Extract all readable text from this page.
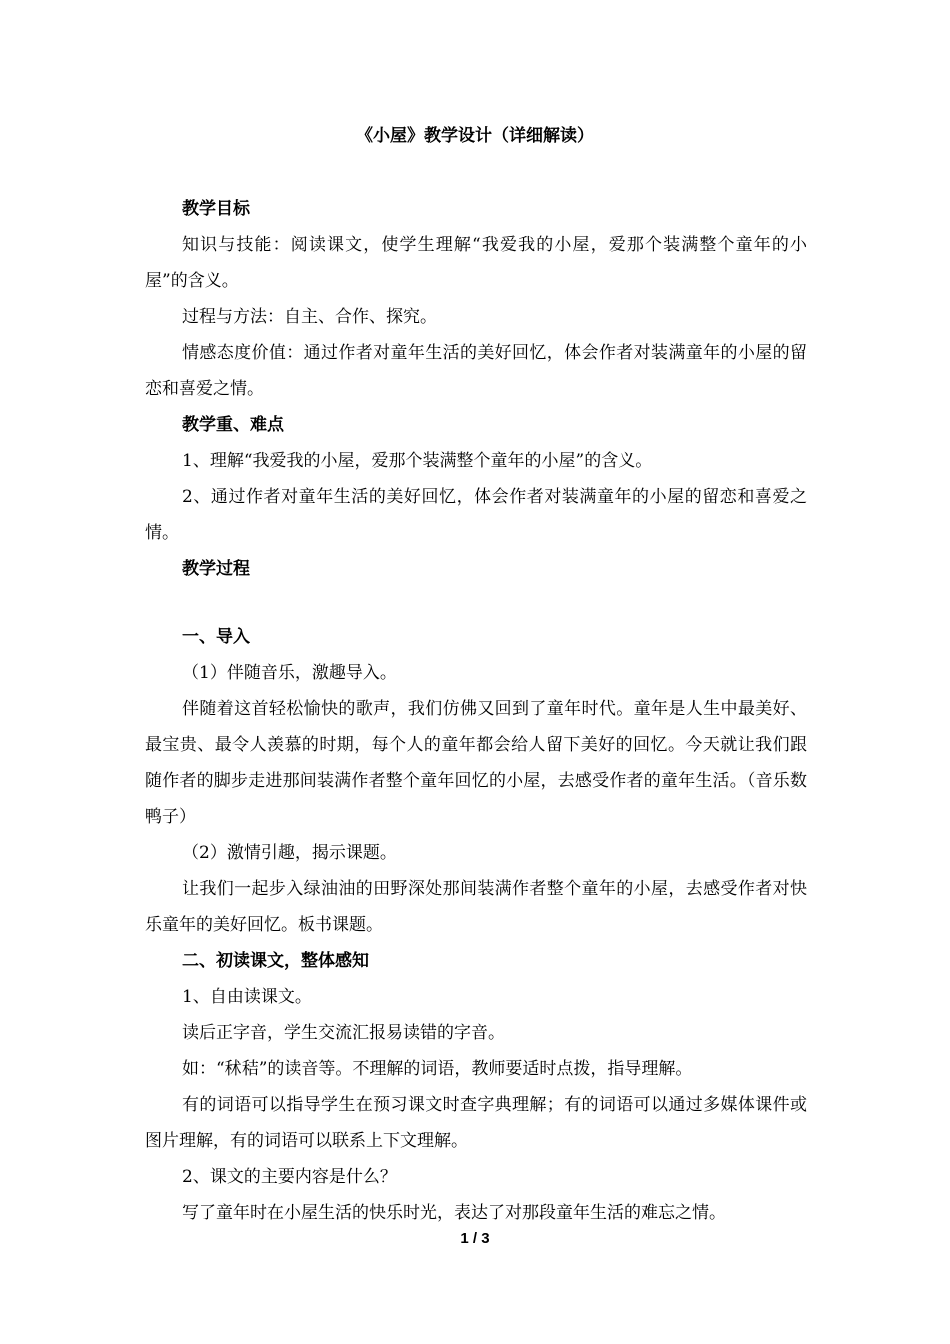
《小屋》教学设计（详细解读）

教学目标

知识与技能：阅读课文，使学生理解“我爱我的小屋，爱那个装满整个童年的小屋”的含义。

过程与方法：自主、合作、探究。

情感态度价值：通过作者对童年生活的美好回忆，体会作者对装满童年的小屋的留恋和喜爱之情。

教学重、难点

1、理解“我爱我的小屋，爱那个装满整个童年的小屋”的含义。

2、通过作者对童年生活的美好回忆，体会作者对装满童年的小屋的留恋和喜爱之情。

教学过程

一、导入

（1）伴随音乐，激趣导入。

伴随着这首轻松愉快的歌声，我们仿佛又回到了童年时代。童年是人生中最美好、最宝贵、最令人羡慕的时期，每个人的童年都会给人留下美好的回忆。今天就让我们跟随作者的脚步走进那间装满作者整个童年回忆的小屋，去感受作者的童年生活。（音乐数鸭子）

（2）激情引趣，揭示课题。

让我们一起步入绿油油的田野深处那间装满作者整个童年的小屋，去感受作者对快乐童年的美好回忆。板书课题。

二、初读课文，整体感知

1、自由读课文。

读后正字音，学生交流汇报易读错的字音。

如：“秫秸”的读音等。不理解的词语，教师要适时点拨，指导理解。

有的词语可以指导学生在预习课文时查字典理解；有的词语可以通过多媒体课件或图片理解，有的词语可以联系上下文理解。

2、课文的主要内容是什么？

写了童年时在小屋生活的快乐时光，表达了对那段童年生活的难忘之情。

1 / 3
